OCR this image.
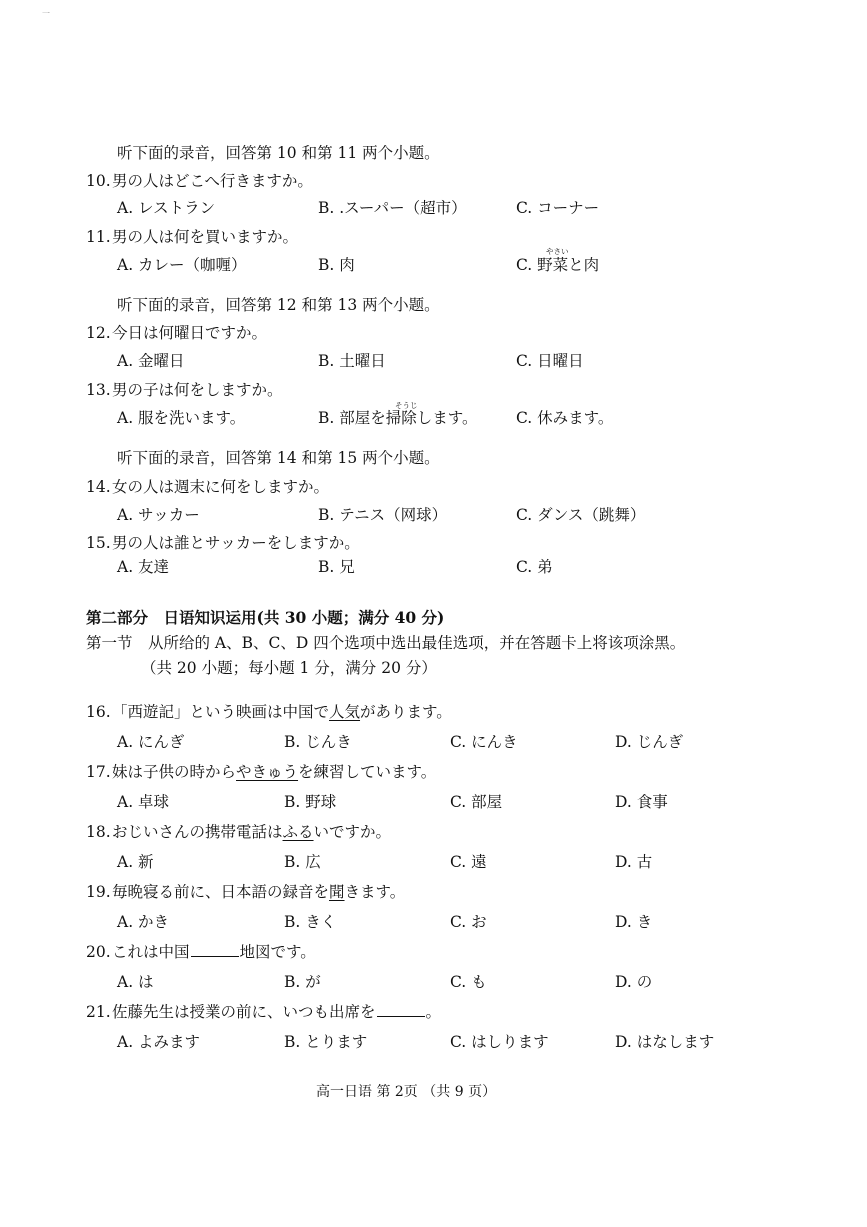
一
听下面的录音，回答第 10 和第 11 两个小题。
10. 男の人はどこへ行きますか。
A. レストラン	B. .スーパー（超市）	C. コーナー
11. 男の人は何を買いますか。
やさい
A. カレー（咖喱）	B. 肉	C. 野菜と肉
听下面的录音，回答第 12 和第 13 两个小题。
12. 今日は何曜日ですか。
A. 金曜日	B. 土曜日	C. 日曜日
13. 男の子は何をしますか。
そうじ
A. 服を洗います。	B. 部屋を掃除します。 C. 休みます。
听下面的录音，回答第 14 和第 15 两个小题。
14. 女の人は週末に何をしますか。
A. サッカー	B. テニス（网球）	C. ダンス（跳舞）
15. 男の人は誰とサッカーをしますか。
A. 友達	B. 兄	C. 弟
第二部分　日语知识运用(共 30 小题；满分 40 分)
第一节　从所给的 A、B、C、D 四个选项中选出最佳选项，并在答题卡上将该项涂黑。
（共 20 小题；每小题 1 分，满分 20 分）
16. 「西遊記」という映画は中国で人気があります。
A. にんぎ	B. じんき	C. にんき	D. じんぎ
17. 妹は子供の時からやきゅうを練習しています。
A. 卓球	B. 野球	C. 部屋	D. 食事
18. おじいさんの携帯電話はふるいですか。
A. 新	B. 広	C. 遠	D. 古
19. 毎晩寝る前に、日本語の録音を聞きます。
A. かき	B. きく	C. お	D. き
20. これは中国	地図です。
A. は	B. が	C. も	D. の
21. 佐藤先生は授業の前に、いつも出席を	。
A. よみます	B. とります	C. はしります	D. はなします
高一日语 第 2页 （共 9 页）
